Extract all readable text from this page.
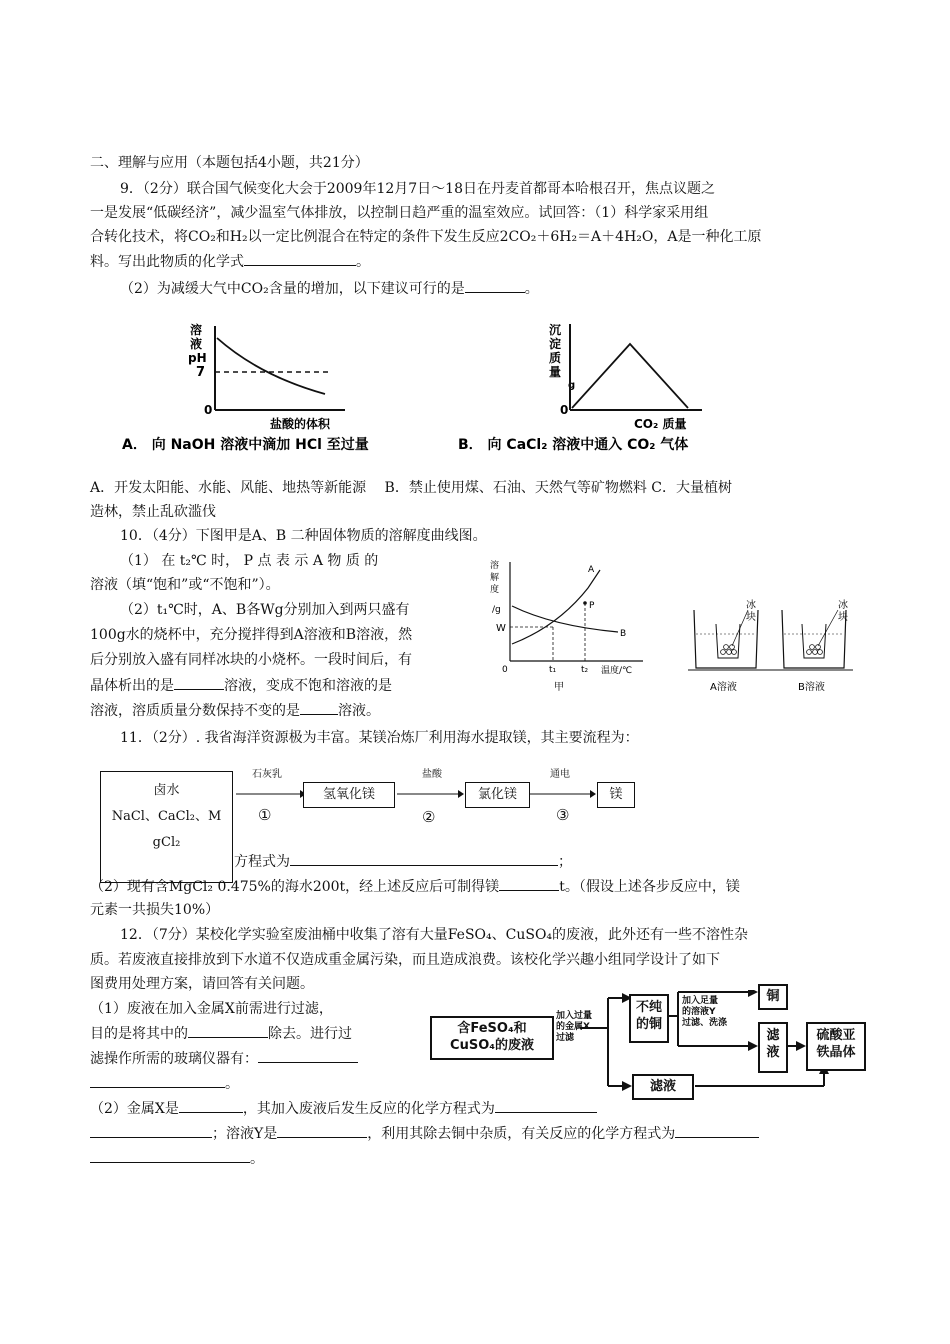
二、理解与应用（本题包括4小题，共21分）
9．（2分）联合国气候变化大会于2009年12月7日～18日在丹麦首都哥本哈根召开，焦点议题之
一是发展“低碳经济”，减少温室气体排放，以控制日趋严重的温室效应。试回答：（1）科学家采用组
合转化技术，将CO₂和H₂以一定比例混合在特定的条件下发生反应2CO₂＋6H₂＝A＋4H₂O，A是一种化工原
料。写出此物质的化学式	。
（2）为减缓大气中CO₂含量的增加，以下建议可行的是	。
溶
液
pH
7
0
盐酸的体积
A． 向 NaOH 溶液中滴加 HCl 至过量
沉
淀
质
量
g
0
CO₂ 质量
B． 向 CaCl₂ 溶液中通入 CO₂ 气体
A．开发太阳能、水能、风能、地热等新能源　 B．禁止使用煤、石油、天然气等矿物燃料 C．大量植树
造林，禁止乱砍滥伐
10．（4分）下图甲是A、B 二种固体物质的溶解度曲线图。
（1） 在 t₂℃ 时， P 点 表 示 A 物 质 的
溶液（填“饱和”或“不饱和”）。
（2）t₁℃时，A、B各Wg分别加入到两只盛有
100g水的烧杯中，充分搅拌得到A溶液和B溶液，然
后分别放入盛有同样冰块的小烧杯。一段时间后，有
晶体析出的是	溶液，变成不饱和溶液的是
溶液，溶质质量分数保持不变的是	溶液。
溶
解
度
/g
W
0
P
A
B
t₁	t₂ 温度/℃
甲
冰
块
冰
块
A溶液	B溶液
11．（2分）. 我省海洋资源极为丰富。某镁冶炼厂利用海水提取镁，其主要流程为：
卤水
NaCl、CaCl₂、M
gCl₂
石灰乳
①
氢氧化镁
盐酸
②
氯化镁
通电
③
镁
方程式为	；
（2）现有含MgCl₂ 0.475%的海水200t，经上述反应后可制得镁	t。（假设上述各步反应中，镁
元素一共损失10%）
12．（7分）某校化学实验室废油桶中收集了溶有大量FeSO₄、CuSO₄的废液，此外还有一些不溶性杂
质。若废液直接排放到下水道不仅造成重金属污染，而且造成浪费。该校化学兴趣小组同学设计了如下
图费用处理方案，请回答有关问题。
（1）废液在加入金属X前需进行过滤，
目的是将其中的	除去。进行过
滤操作所需的玻璃仪器有：
。
（2）金属X是	，其加入废液后发生反应的化学方程式为
；溶液Y是	，利用其除去铜中杂质，有关反应的化学方程式为
。
含FeSO₄和
CuSO₄的废液
加入过量
的金属X
过滤
不纯
的铜
加入足量
的溶液Y
过滤、洗涤
铜
滤
液
硫酸亚
铁晶体
滤液
